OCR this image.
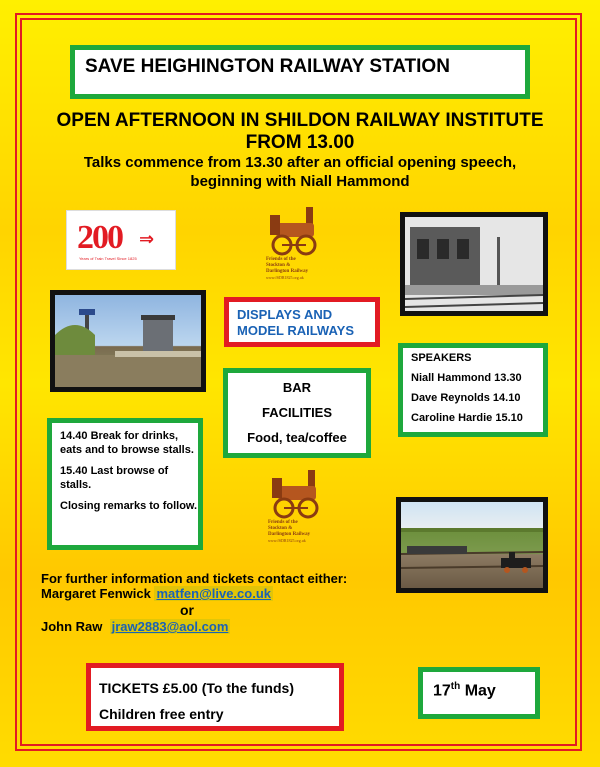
SAVE HEIGHINGTON RAILWAY STATION
OPEN AFTERNOON IN SHILDON RAILWAY INSTITUTE
FROM 13.00
Talks commence from 13.30 after an official opening speech,
beginning with Niall Hammond
200 ⇒
Years of Train Travel Since 1825	Friends of the
Stockton &
Darlington Railway
www.fSDR1825.org.uk
DISPLAYS AND
MODEL RAILWAYS
BAR
FACILITIES
Food, tea/coffee
SPEAKERS
Niall Hammond 13.30
Dave Reynolds 14.10
Caroline Hardie 15.10

14.40 Break for drinks, eats and to browse stalls.

15.40 Last browse of stalls.

Closing remarks to follow.

Friends of the
Stockton &
Darlington Railway
www.fSDR1825.org.uk
For further information and tickets contact either:
Margaret Fenwick matfen@live.co.uk
or
John Raw jraw2883@aol.com
TICKETS £5.00 (To the funds)
Children free entry
17th May
